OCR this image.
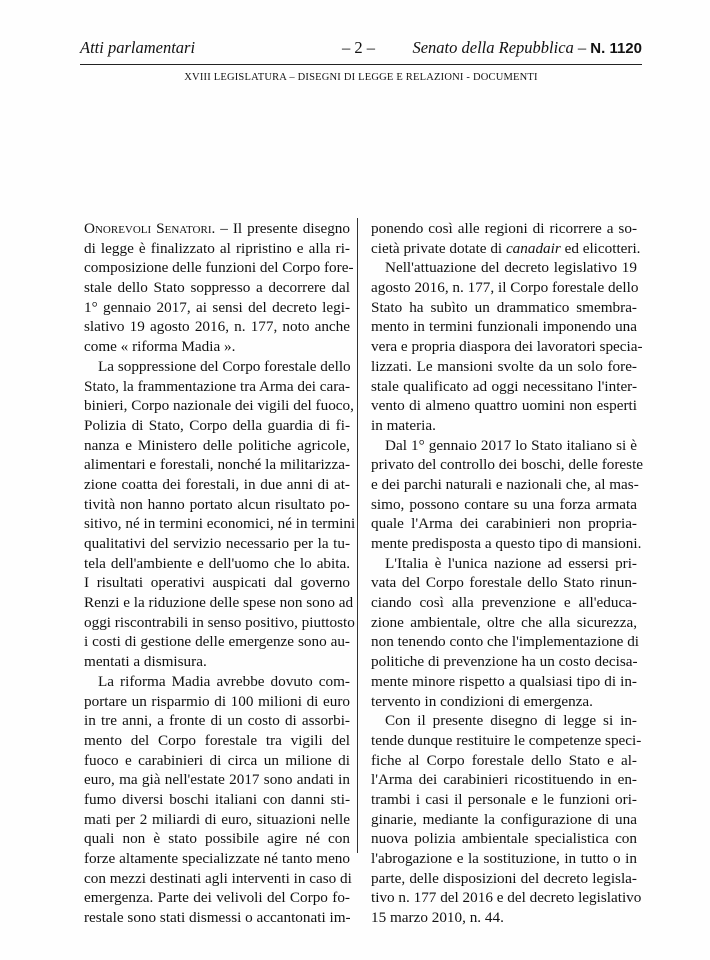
Atti parlamentari	– 2 – Senato della Repubblica – N. 1120
XVIII LEGISLATURA – DISEGNI DI LEGGE E RELAZIONI - DOCUMENTI
Onorevoli Senatori. – Il presente disegno
di legge è finalizzato al ripristino e alla ri-
composizione delle funzioni del Corpo fore-
stale dello Stato soppresso a decorrere dal
1° gennaio 2017, ai sensi del decreto legi-
slativo 19 agosto 2016, n. 177, noto anche
come « riforma Madia ».
La soppressione del Corpo forestale dello
Stato, la frammentazione tra Arma dei cara-
binieri, Corpo nazionale dei vigili del fuoco,
Polizia di Stato, Corpo della guardia di fi-
nanza e Ministero delle politiche agricole,
alimentari e forestali, nonché la militarizza-
zione coatta dei forestali, in due anni di at-
tività non hanno portato alcun risultato po-
sitivo, né in termini economici, né in termini
qualitativi del servizio necessario per la tu-
tela dell'ambiente e dell'uomo che lo abita.
I risultati operativi auspicati dal governo
Renzi e la riduzione delle spese non sono ad
oggi riscontrabili in senso positivo, piuttosto
i costi di gestione delle emergenze sono au-
mentati a dismisura.
La riforma Madia avrebbe dovuto com-
portare un risparmio di 100 milioni di euro
in tre anni, a fronte di un costo di assorbi-
mento del Corpo forestale tra vigili del
fuoco e carabinieri di circa un milione di
euro, ma già nell'estate 2017 sono andati in
fumo diversi boschi italiani con danni sti-
mati per 2 miliardi di euro, situazioni nelle
quali non è stato possibile agire né con
forze altamente specializzate né tanto meno
con mezzi destinati agli interventi in caso di
emergenza. Parte dei velivoli del Corpo fo-
restale sono stati dismessi o accantonati im-
ponendo così alle regioni di ricorrere a so-
cietà private dotate di canadair ed elicotteri.
Nell'attuazione del decreto legislativo 19
agosto 2016, n. 177, il Corpo forestale dello
Stato ha subìto un drammatico smembra-
mento in termini funzionali imponendo una
vera e propria diaspora dei lavoratori specia-
lizzati. Le mansioni svolte da un solo fore-
stale qualificato ad oggi necessitano l'inter-
vento di almeno quattro uomini non esperti
in materia.
Dal 1° gennaio 2017 lo Stato italiano si è
privato del controllo dei boschi, delle foreste
e dei parchi naturali e nazionali che, al mas-
simo, possono contare su una forza armata
quale l'Arma dei carabinieri non propria-
mente predisposta a questo tipo di mansioni.
L'Italia è l'unica nazione ad essersi pri-
vata del Corpo forestale dello Stato rinun-
ciando così alla prevenzione e all'educa-
zione ambientale, oltre che alla sicurezza,
non tenendo conto che l'implementazione di
politiche di prevenzione ha un costo decisa-
mente minore rispetto a qualsiasi tipo di in-
tervento in condizioni di emergenza.
Con il presente disegno di legge si in-
tende dunque restituire le competenze speci-
fiche al Corpo forestale dello Stato e al-
l'Arma dei carabinieri ricostituendo in en-
trambi i casi il personale e le funzioni ori-
ginarie, mediante la configurazione di una
nuova polizia ambientale specialistica con
l'abrogazione e la sostituzione, in tutto o in
parte, delle disposizioni del decreto legisla-
tivo n. 177 del 2016 e del decreto legislativo
15 marzo 2010, n. 44.
